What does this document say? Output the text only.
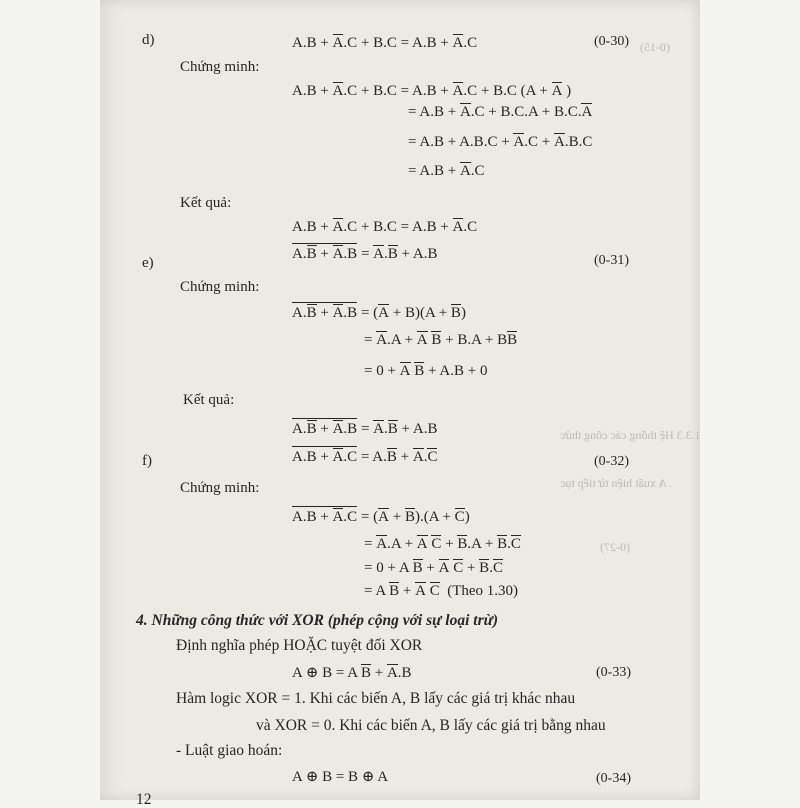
(0-15)
1.3.3 Hệ thống các công thức
. A xuất hiện từ tiếp tục
(0-27)
d)	A.B + A.C + B.C = A.B + A.C	(0-30)
Chứng minh:
A.B + A.C + B.C = A.B + A.C + B.C (A + A )
= A.B + A.C + B.C.A + B.C.A
= A.B + A.B.C + A.C + A.B.C
= A.B + A.C
Kết quả:
A.B + A.C + B.C = A.B + A.C
A.B + A.B = A.B + A.B
e)	(0-31)
Chứng minh:
A.B + A.B = (A + B)(A + B)
= A.A + A B + B.A + BB
= 0 + A B + A.B + 0
Kết quả:
A.B + A.B = A.B + A.B
A.B + A.C = A.B + A.C
f)	(0-32)
Chứng minh:
A.B + A.C = (A + B).(A + C)
= A.A + A C + B.A + B.C
= 0 + A B + A C + B.C
= A B + A C  (Theo 1.30)
4. Những công thức với XOR (phép cộng với sự loại trừ)
Định nghĩa phép HOẶC tuyệt đối XOR
A ⊕ B = A B + A.B	(0-33)
Hàm logic XOR = 1. Khi các biến A, B lấy các giá trị khác nhau
và XOR = 0. Khi các biến A, B lấy các giá trị bằng nhau
- Luật giao hoán:
A ⊕ B = B ⊕ A	(0-34)
12
